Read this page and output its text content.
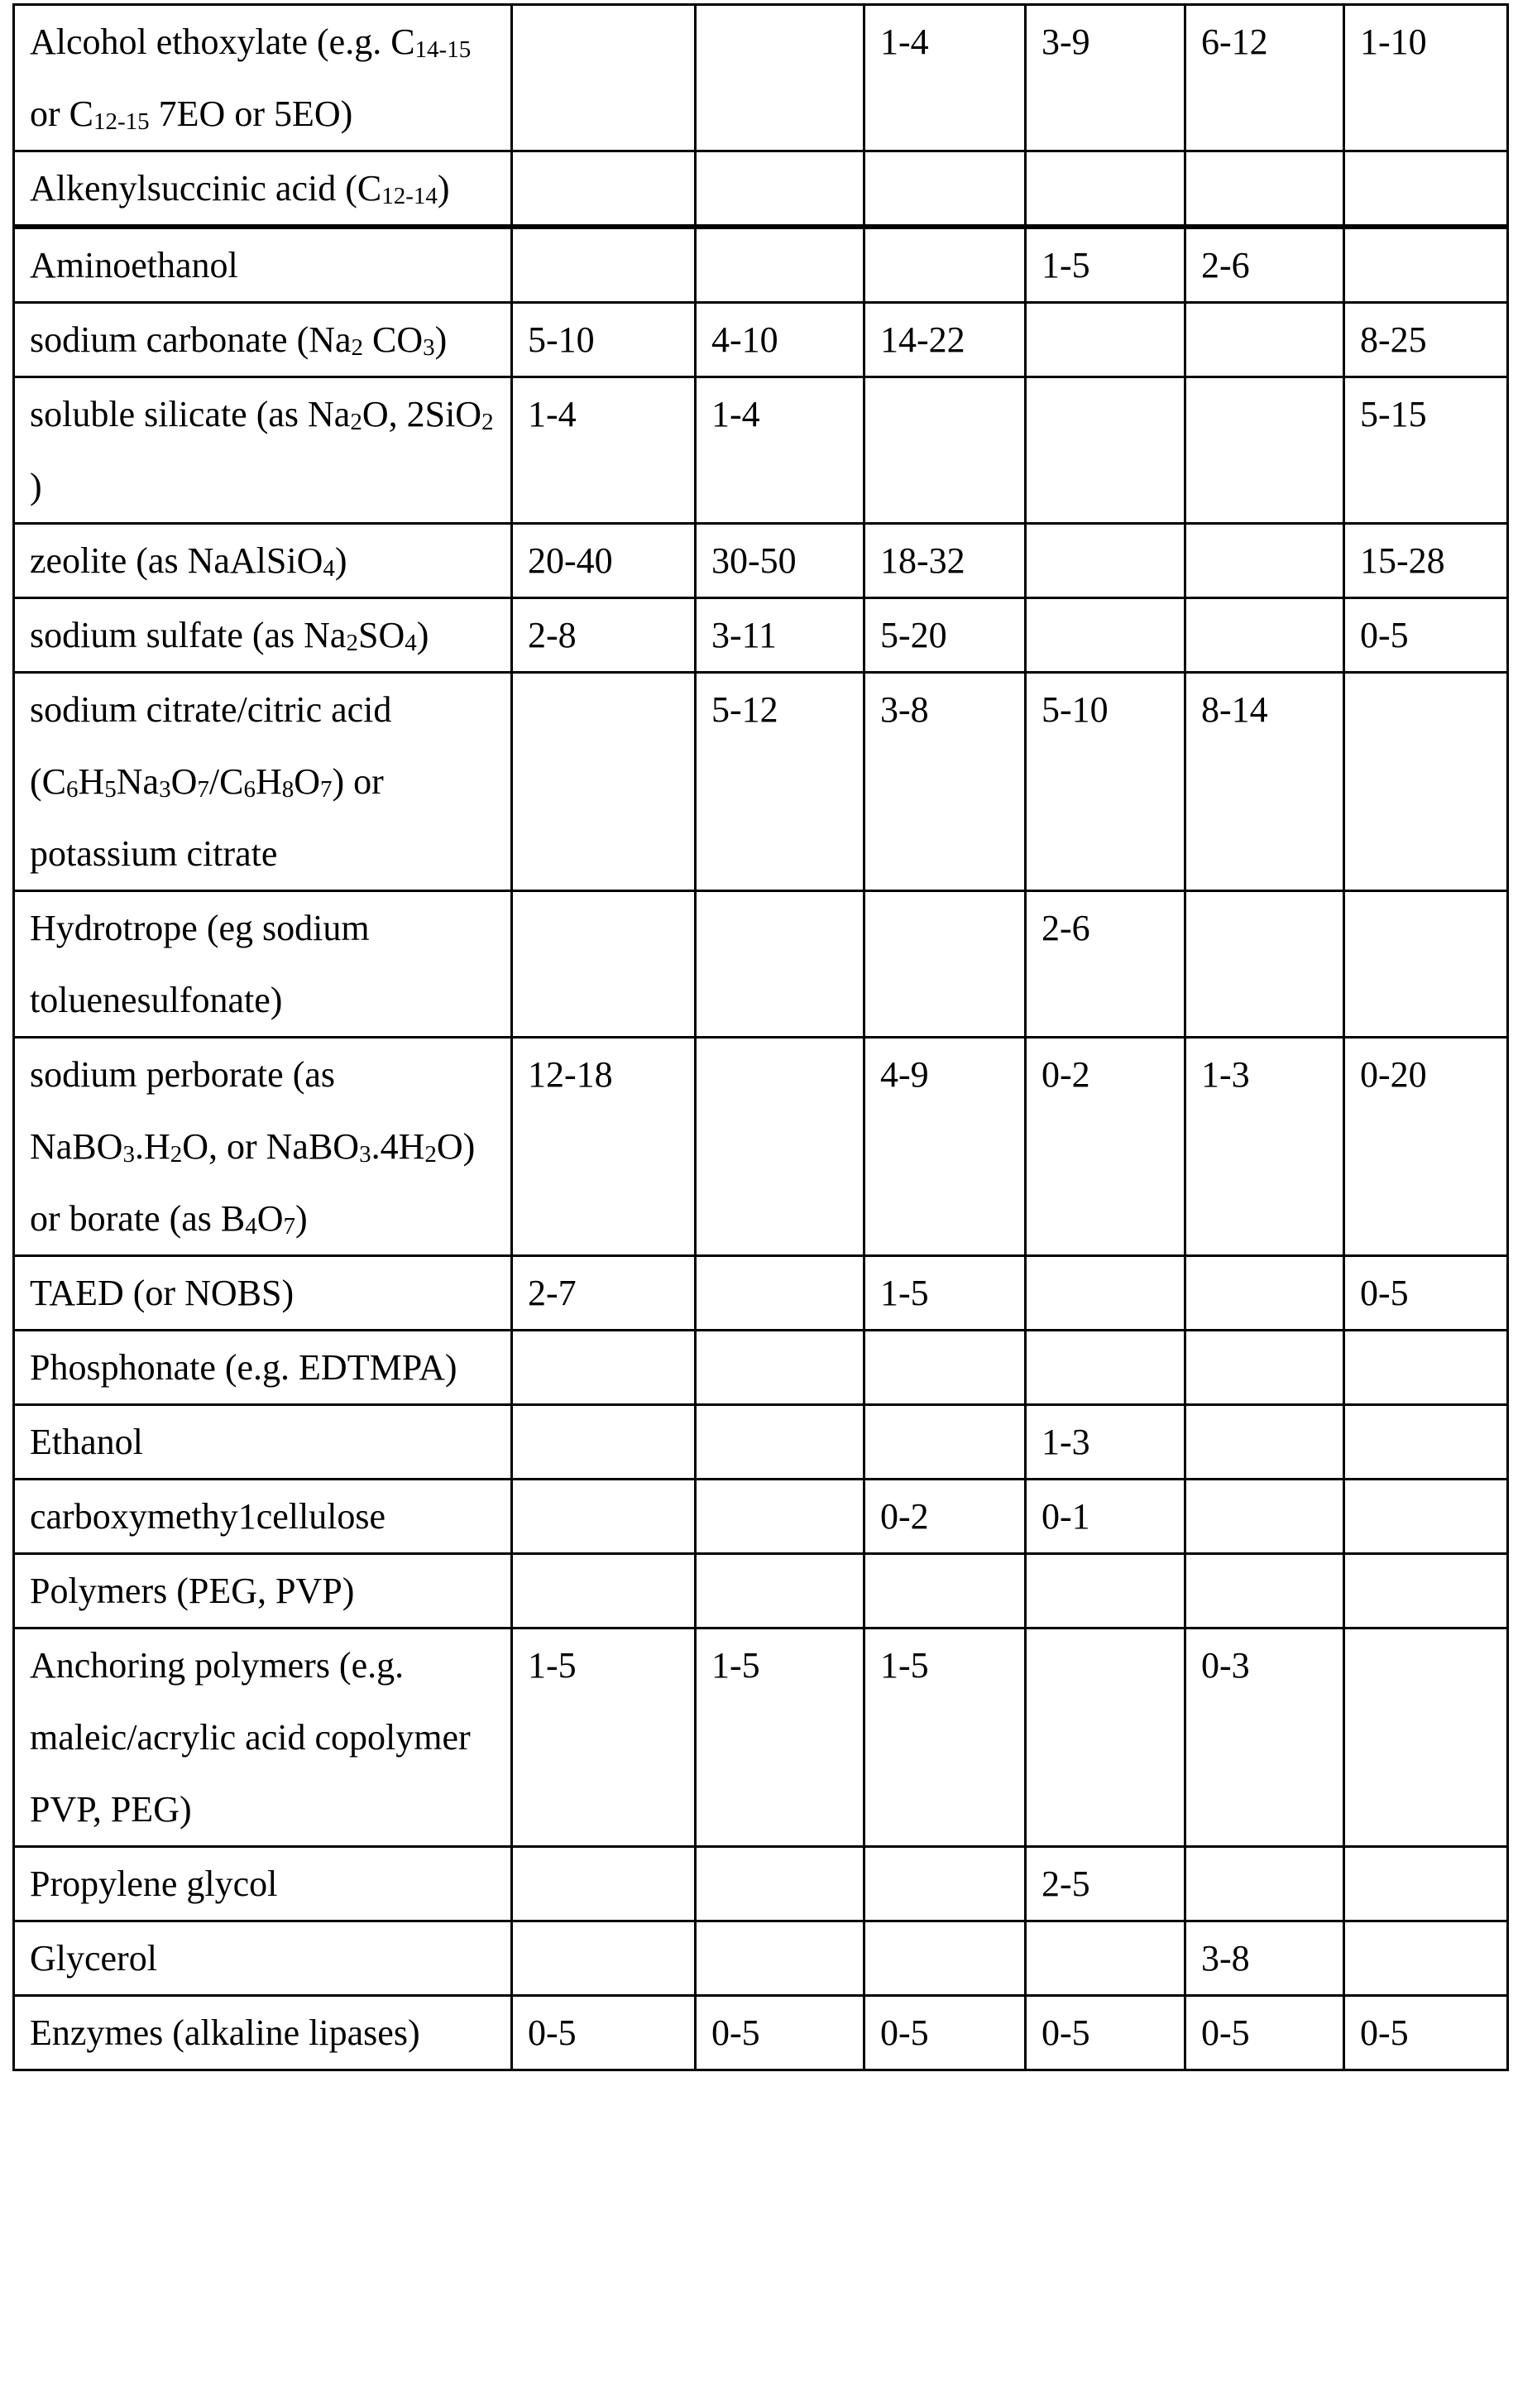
Alcohol ethoxylate (e.g. C14-15 or C12-15 7EO or 5EO)			1-4	3-9	6-12	1-10
Alkenylsuccinic acid (C12-14)						
Aminoethanol				1-5	2-6	
sodium carbonate (Na2 CO3)	5-10	4-10	14-22			8-25
soluble silicate (as Na2O, 2SiO2 )	1-4	1-4				5-15
zeolite (as NaAlSiO4)	20-40	30-50	18-32			15-28
sodium sulfate (as Na2SO4)	2-8	3-11	5-20			0-5
sodium citrate/citric acid (C6H5Na3O7/C6H8O7) or potassium citrate		5-12	3-8	5-10	8-14	
Hydrotrope (eg sodium toluenesulfonate)				2-6		
sodium perborate (as NaBO3.H2O, or NaBO3.4H2O) or borate (as B4O7)	12-18		4-9	0-2	1-3	0-20
TAED (or NOBS)	2-7		1-5			0-5
Phosphonate (e.g. EDTMPA)						
Ethanol				1-3		
carboxymethy1cellulose			0-2	0-1		
Polymers (PEG, PVP)						
Anchoring polymers (e.g. maleic/acrylic acid copolymer PVP, PEG)	1-5	1-5	1-5		0-3	
Propylene glycol				2-5		
Glycerol					3-8	
Enzymes (alkaline lipases)	0-5	0-5	0-5	0-5	0-5	0-5
